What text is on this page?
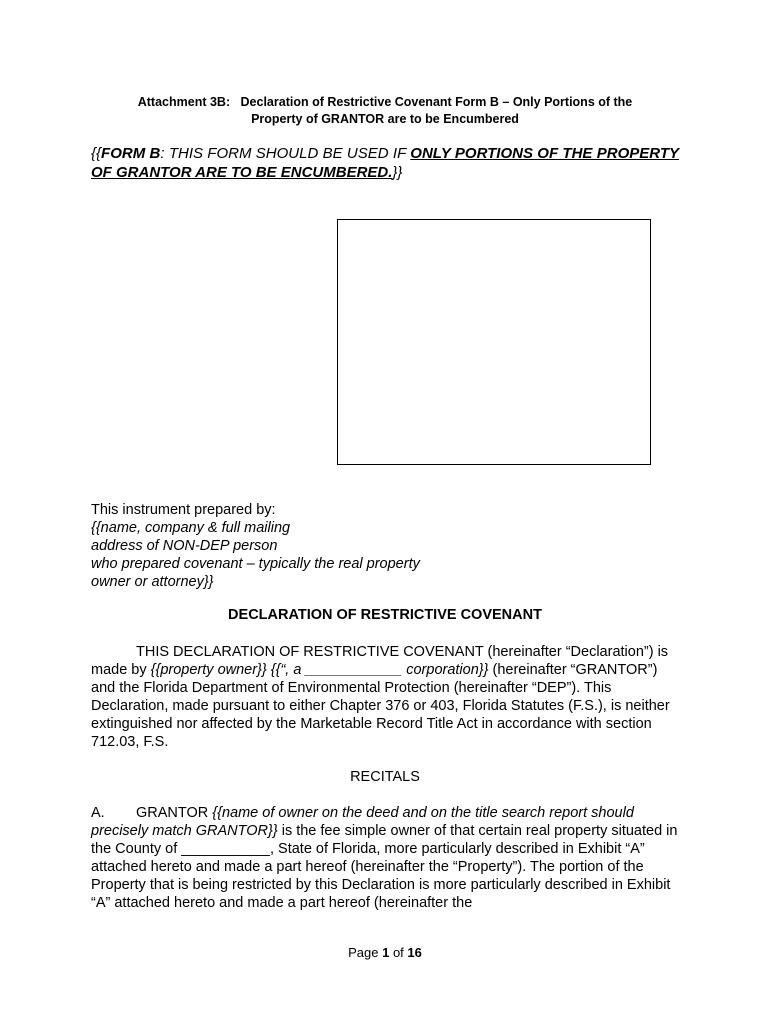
Attachment 3B:   Declaration of Restrictive Covenant Form B – Only Portions of the
Property of GRANTOR are to be Encumbered
{{FORM B: THIS FORM SHOULD BE USED IF ONLY PORTIONS OF THE PROPERTY OF GRANTOR ARE TO BE ENCUMBERED.}}
This instrument prepared by:
{{name, company & full mailing
address of NON-DEP person
who prepared covenant – typically the real property
owner or attorney}}
DECLARATION OF RESTRICTIVE COVENANT
THIS DECLARATION OF RESTRICTIVE COVENANT (hereinafter “Declaration”) is made by {{property owner}} {{“, a ____________ corporation}} (hereinafter “GRANTOR”) and the Florida Department of Environmental Protection (hereinafter “DEP”). This Declaration, made pursuant to either Chapter 376 or 403, Florida Statutes (F.S.), is neither extinguished nor affected by the Marketable Record Title Act in accordance with section 712.03, F.S.
RECITALS
A. GRANTOR {{name of owner on the deed and on the title search report should precisely match GRANTOR}} is the fee simple owner of that certain real property situated in the County of ___________, State of Florida, more particularly described in Exhibit “A” attached hereto and made a part hereof (hereinafter the “Property”). The portion of the Property that is being restricted by this Declaration is more particularly described in Exhibit “A” attached hereto and made a part hereof (hereinafter the
Page 1 of 16
